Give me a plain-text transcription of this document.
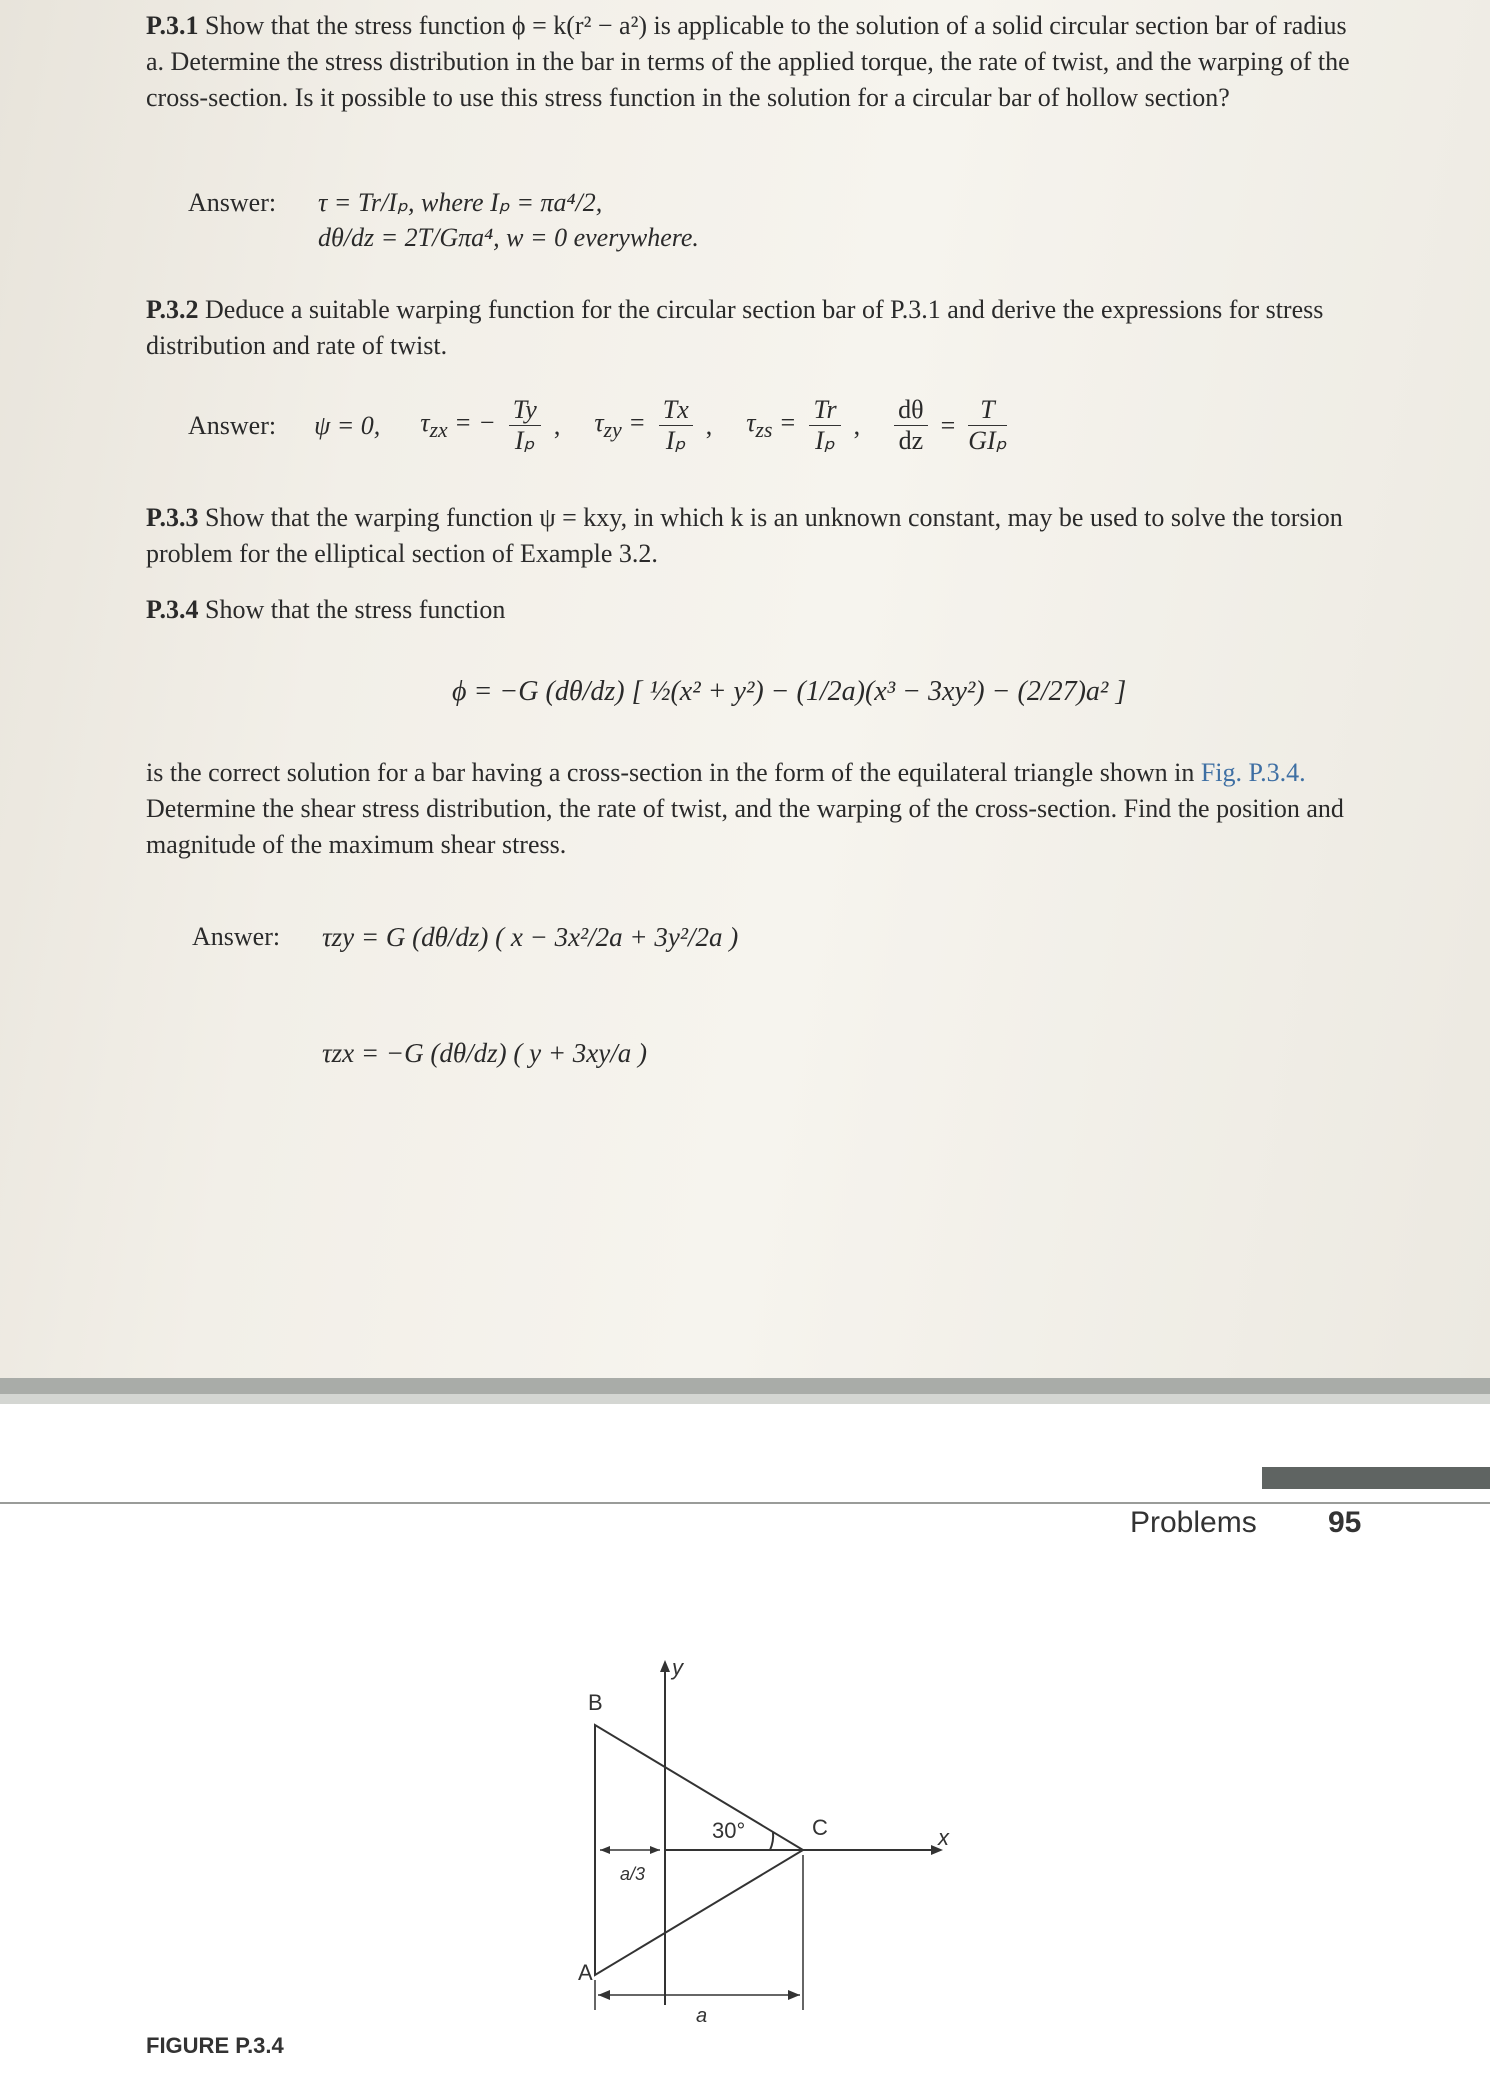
P.3.1 Show that the stress function ϕ = k(r² − a²) is applicable to the solution of a solid circular section bar of radius a. Determine the stress distribution in the bar in terms of the applied torque, the rate of twist, and the warping of the cross-section. Is it possible to use this stress function in the solution for a circular bar of hollow section?

Answer: τ = Tr/Iₚ, where Iₚ = πa⁴/2,
dθ/dz = 2T/Gπa⁴, w = 0 everywhere.

P.3.2 Deduce a suitable warping function for the circular section bar of P.3.1 and derive the expressions for stress distribution and rate of twist.

Answer: ψ = 0, $\tau_{zx}$ = − $\frac{Ty}{\text{Iₚ}}$ , $\tau_{zy} = \frac{Tx}{\text{Iₚ}}$ , $\tau_{zs} = \frac{Tr}{\text{Iₚ}}$ , $\frac{d\theta}{dz} = \frac{T}{\text{GIₚ}}$

P.3.3 Show that the warping function ψ = kxy, in which k is an unknown constant, may be used to solve the torsion problem for the elliptical section of Example 3.2.

P.3.4 Show that the stress function

ϕ = −G (dθ/dz) [ ½(x² + y²) − (1/2a)(x³ − 3xy²) − (2/27)a² ]

is the correct solution for a bar having a cross-section in the form of the equilateral triangle shown in Fig. P.3.4. Determine the shear stress distribution, the rate of twist, and the warping of the cross-section. Find the position and magnitude of the maximum shear stress.

Answer: τzy = G (dθ/dz) ( x − 3x²/2a + 3y²/2a )
τzx = −G (dθ/dz) ( y + 3xy/a )
Problems 95
B
A
C
y
x
30°
a/3
a
FIGURE P.3.4
